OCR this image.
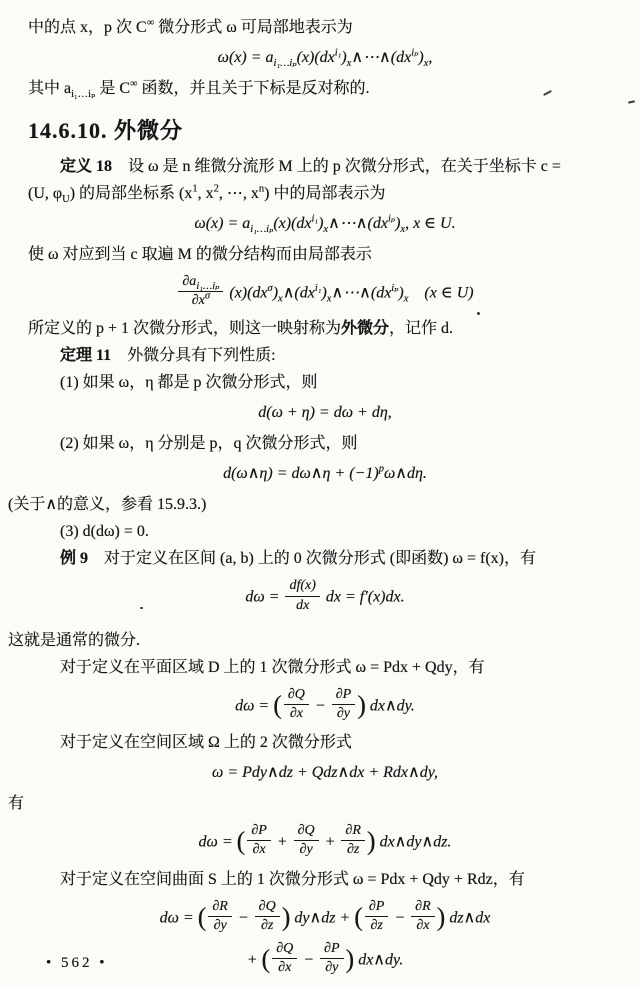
中的点 x，p 次 C∞ 微分形式 ω 可局部地表示为
$\omega(x) = a_{i_1\dots i_p}(x)(dx^{i_1})_x\wedge\cdots\wedge(dx^{i_p})_x$,
其中 $a_{i_1\dots i_p}$ 是 C∞ 函数，并且关于下标是反对称的.
14.6.10. 外微分
定义 18　设 ω 是 n 维微分流形 M 上的 p 次微分形式，在关于坐标卡 c =
(U, $\varphi_U$) 的局部坐标系 ($x^1$, $x^2$, ⋯, $x^n$) 中的局部表示为
$\omega(x) = a_{i_1\dots i_p}(x)(dx^{i_1})_x\wedge\cdots\wedge(dx^{i_p})_x$, x ∈ U.
使 ω 对应到当 c 取遍 M 的微分结构而由局部表示
$\frac{\partial a_{i_1\dots i_p}}{\partial x^\sigma}$ $(x)(dx^\sigma)_x\wedge(dx^{i_1})_x\wedge\cdots\wedge(dx^{i_p})_x$　(x ∈ U)
所定义的 p + 1 次微分形式，则这一映射称为外微分，记作 d.
定理 11　外微分具有下列性质:
(1) 如果 ω，η 都是 p 次微分形式，则
d(ω + η) = dω + dη,
(2) 如果 ω，η 分别是 p，q 次微分形式，则
d(ω∧η) = dω∧η + $(-1)^p\omega\wedge d\eta$.
(关于∧的意义，参看 15.9.3.)
(3) d(dω) = 0.
例 9　对于定义在区间 (a, b) 上的 0 次微分形式 (即函数) ω = f(x)，有
$d\omega = \frac{df(x)}{dx}$ dx = f′(x)dx.
这就是通常的微分.
对于定义在平面区域 D 上的 1 次微分形式 ω = Pdx + Qdy，有
dω = ( $\frac{\partial Q}{\partial x} - \frac{\partial P}{\partial y}$ ) dx∧dy.
对于定义在空间区域 Ω 上的 2 次微分形式
ω = Pdy∧dz + Qdz∧dx + Rdx∧dy,
有
dω = ( $\frac{\partial P}{\partial x} + \frac{\partial Q}{\partial y} + \frac{\partial R}{\partial z}$ ) dx∧dy∧dz.
对于定义在空间曲面 S 上的 1 次微分形式 ω = Pdx + Qdy + Rdz，有
dω = ( $\frac{\partial R}{\partial y} - \frac{\partial Q}{\partial z}$ ) dy∧dz + ( $\frac{\partial P}{\partial z} - \frac{\partial R}{\partial x}$ ) dz∧dx
+ ( $\frac{\partial Q}{\partial x} - \frac{\partial P}{\partial y}$ ) dx∧dy.
• 562 •
